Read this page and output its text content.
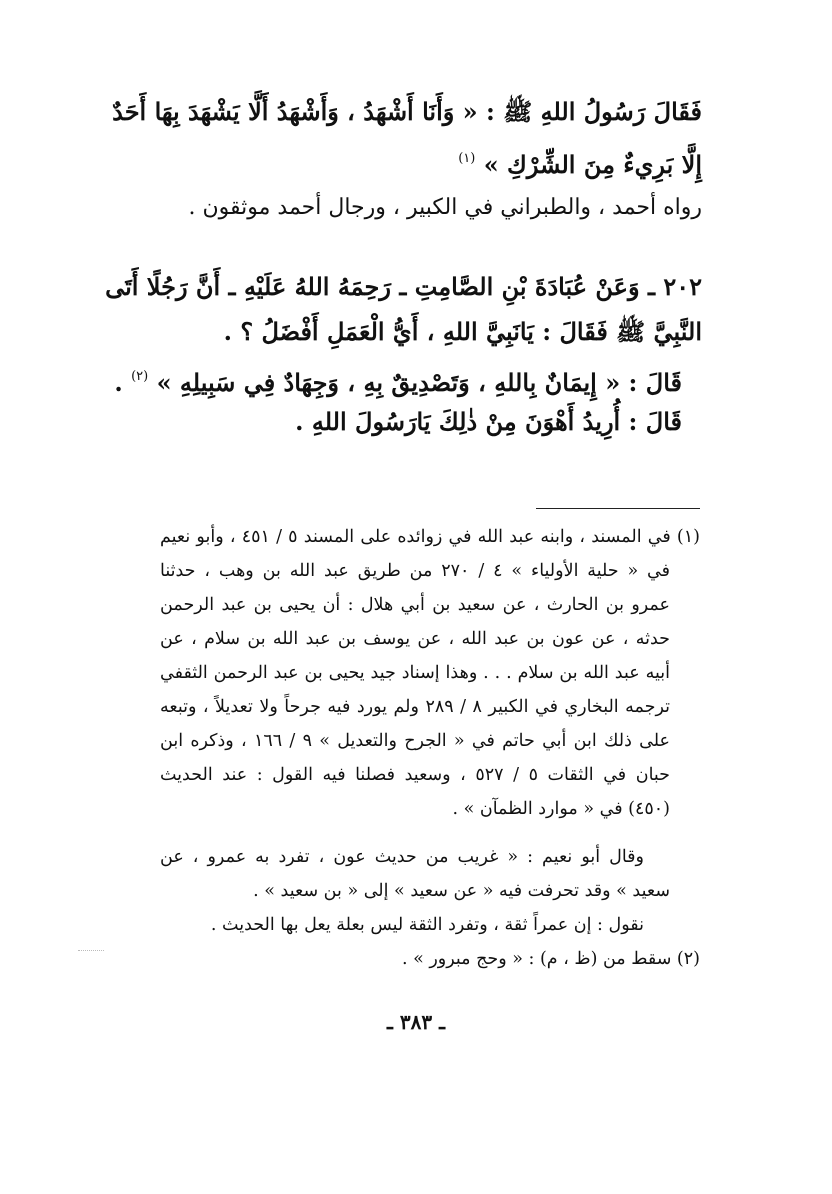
فَقَالَ رَسُولُ اللهِ ﷺ : « وَأَنَا أَشْهَدُ ، وَأَشْهَدُ أَلَّا يَشْهَدَ بِهَا أَحَدٌ
إِلَّا بَرِيءٌ مِنَ الشِّرْكِ » $^{(١)}$
رواه أحمد ، والطبراني في الكبير ، ورجال أحمد موثقون .
٢٠٢ ـ وَعَنْ عُبَادَةَ بْنِ الصَّامِتِ ـ رَحِمَهُ اللهُ عَلَيْهِ ـ أَنَّ رَجُلًا أَتَى
النَّبِيَّ ﷺ فَقَالَ : يَانَبِيَّ اللهِ ، أَيُّ الْعَمَلِ أَفْضَلُ ؟ .
قَالَ : « إِيمَانٌ بِاللهِ ، وَتَصْدِيقٌ بِهِ ، وَجِهَادٌ فِي سَبِيلِهِ » $^{(٢)}$ .
قَالَ : أُرِيدُ أَهْوَنَ مِنْ ذٰلِكَ يَارَسُولَ اللهِ .
(١) في المسند ، وابنه عبد الله في زوائده على المسند ٥ / ٤٥١ ، وأبو نعيم
في « حلية الأولياء » ٤ / ٢٧٠ من طريق عبد الله بن وهب ، حدثنا
عمرو بن الحارث ، عن سعيد بن أبي هلال : أن يحيى بن عبد الرحمن
حدثه ، عن عون بن عبد الله ، عن يوسف بن عبد الله بن سلام ، عن
أبيه عبد الله بن سلام . . . وهذا إسناد جيد يحيى بن عبد الرحمن الثقفي
ترجمه البخاري في الكبير ٨ / ٢٨٩ ولم يورد فيه جرحاً ولا تعديلاً ، وتبعه
على ذلك ابن أبي حاتم في « الجرح والتعديل » ٩ / ١٦٦ ، وذكره ابن
حبان في الثقات ٥ / ٥٢٧ ، وسعيد فصلنا فيه القول : عند الحديث
(٤٥٠) في « موارد الظمآن » .
وقال أبو نعيم : « غريب من حديث عون ، تفرد به عمرو ، عن
سعيد » وقد تحرفت فيه « عن سعيد » إلى « بن سعيد » .
نقول : إن عمراً ثقة ، وتفرد الثقة ليس بعلة يعل بها الحديث .
(٢) سقط من (ظ ، م) : « وحج مبرور » .
ـ ٣٨٣ ـ
